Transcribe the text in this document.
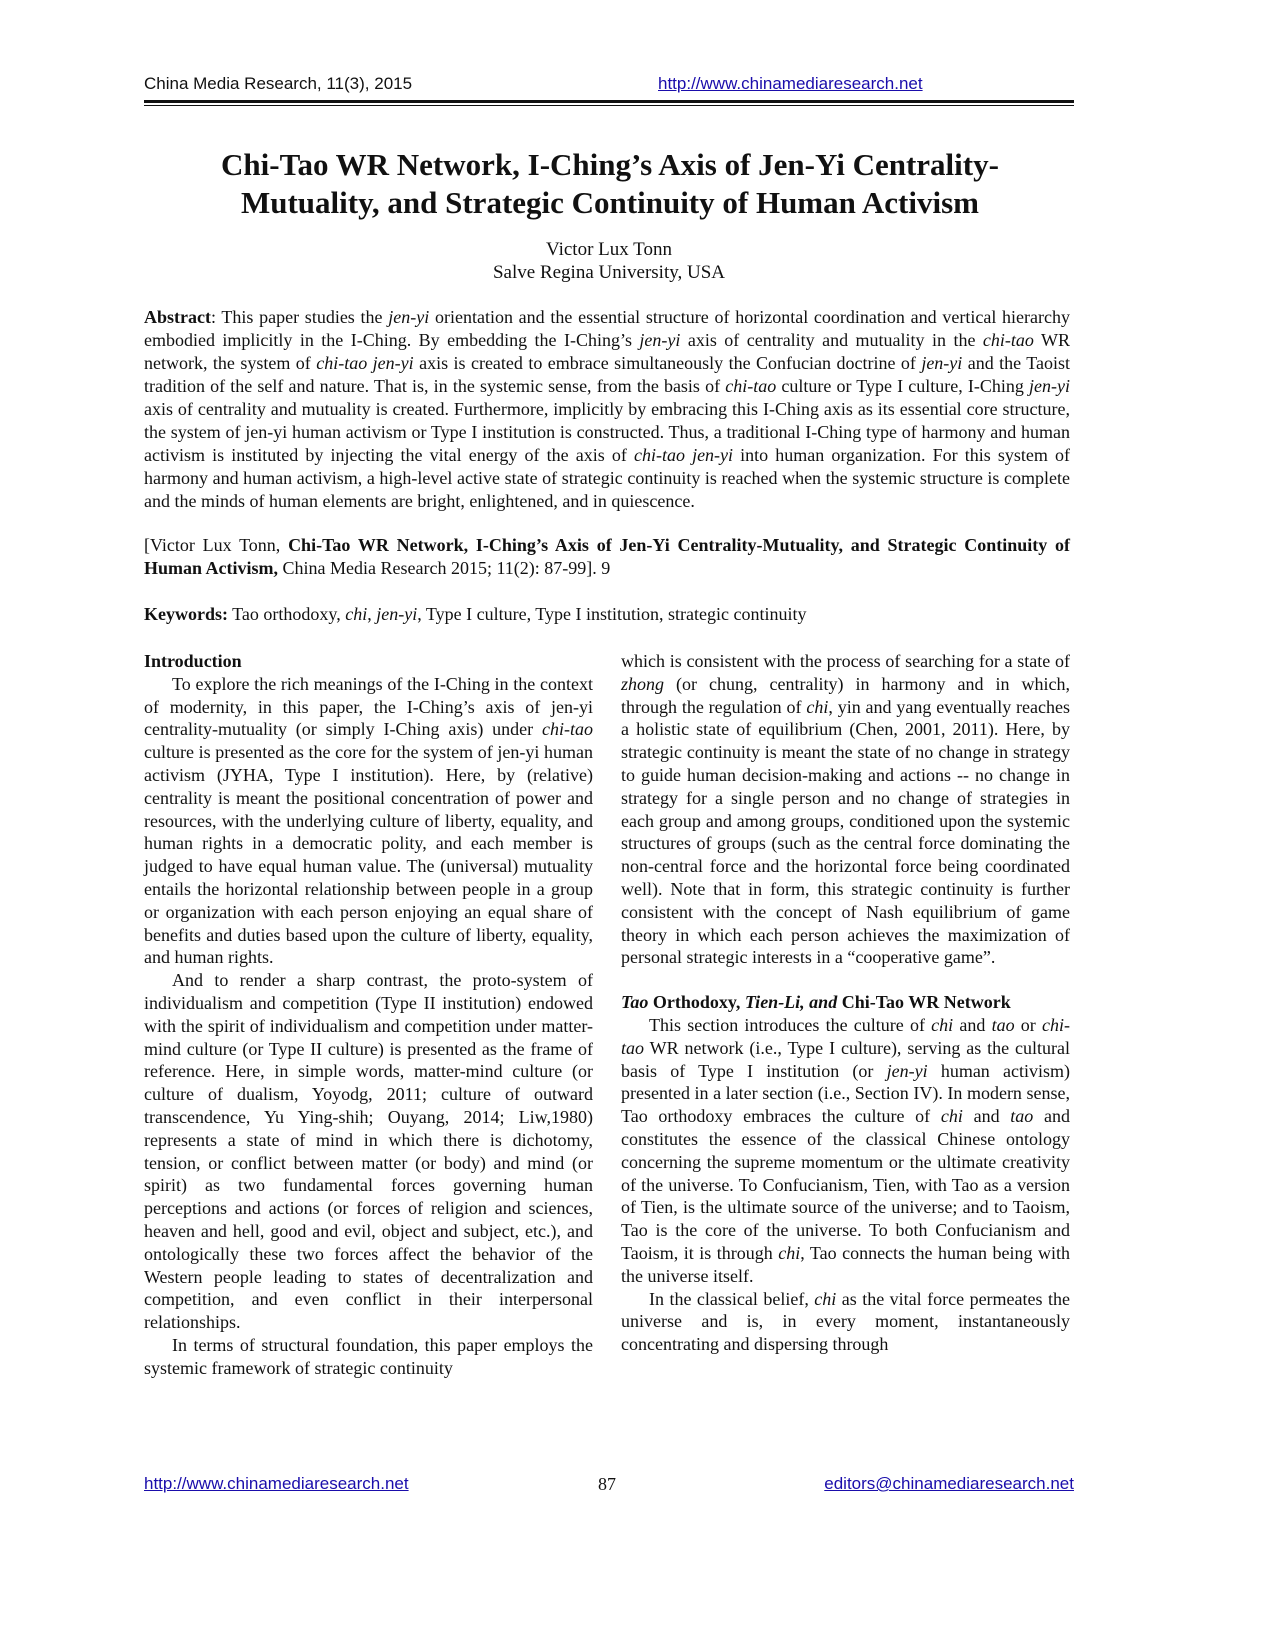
China Media Research, 11(3), 2015	http://www.chinamediaresearch.net
Chi-Tao WR Network, I-Ching’s Axis of Jen-Yi Centrality-
Mutuality, and Strategic Continuity of Human Activism
Victor Lux Tonn
Salve Regina University, USA
Abstract: This paper studies the jen-yi orientation and the essential structure of horizontal coordination and vertical hierarchy embodied implicitly in the I-Ching. By embedding the I-Ching’s jen-yi axis of centrality and mutuality in the chi-tao WR network, the system of chi-tao jen-yi axis is created to embrace simultaneously the Confucian doctrine of jen-yi and the Taoist tradition of the self and nature. That is, in the systemic sense, from the basis of chi-tao culture or Type I culture, I-Ching jen-yi axis of centrality and mutuality is created. Furthermore, implicitly by embracing this I-Ching axis as its essential core structure, the system of jen-yi human activism or Type I institution is constructed. Thus, a traditional I-Ching type of harmony and human activism is instituted by injecting the vital energy of the axis of chi-tao jen-yi into human organization. For this system of harmony and human activism, a high-level active state of strategic continuity is reached when the systemic structure is complete and the minds of human elements are bright, enlightened, and in quiescence.
[Victor Lux Tonn, Chi-Tao WR Network, I-Ching’s Axis of Jen-Yi Centrality-Mutuality, and Strategic Continuity of Human Activism, China Media Research 2015; 11(2): 87-99]. 9
Keywords: Tao orthodoxy, chi, jen-yi, Type I culture, Type I institution, strategic continuity

Introduction

To explore the rich meanings of the I-Ching in the context of modernity, in this paper, the I-Ching’s axis of jen-yi centrality-mutuality (or simply I-Ching axis) under chi-tao culture is presented as the core for the system of jen-yi human activism (JYHA, Type I institution). Here, by (relative) centrality is meant the positional concentration of power and resources, with the underlying culture of liberty, equality, and human rights in a democratic polity, and each member is judged to have equal human value. The (universal) mutuality entails the horizontal relationship between people in a group or organization with each person enjoying an equal share of benefits and duties based upon the culture of liberty, equality, and human rights.

And to render a sharp contrast, the proto-system of individualism and competition (Type II institution) endowed with the spirit of individualism and competition under matter-mind culture (or Type II culture) is presented as the frame of reference. Here, in simple words, matter-mind culture (or culture of dualism, Yoyodg, 2011; culture of outward transcendence, Yu Ying-shih; Ouyang, 2014; Liw,1980) represents a state of mind in which there is dichotomy, tension, or conflict between matter (or body) and mind (or spirit) as two fundamental forces governing human perceptions and actions (or forces of religion and sciences, heaven and hell, good and evil, object and subject, etc.), and ontologically these two forces affect the behavior of the Western people leading to states of decentralization and competition, and even conflict in their interpersonal relationships.

In terms of structural foundation, this paper employs the systemic framework of strategic continuity

which is consistent with the process of searching for a state of zhong (or chung, centrality) in harmony and in which, through the regulation of chi, yin and yang eventually reaches a holistic state of equilibrium (Chen, 2001, 2011). Here, by strategic continuity is meant the state of no change in strategy to guide human decision-making and actions -- no change in strategy for a single person and no change of strategies in each group and among groups, conditioned upon the systemic structures of groups (such as the central force dominating the non-central force and the horizontal force being coordinated well). Note that in form, this strategic continuity is further consistent with the concept of Nash equilibrium of game theory in which each person achieves the maximization of personal strategic interests in a “cooperative game”.

Tao Orthodoxy, Tien-Li, and Chi-Tao WR Network

This section introduces the culture of chi and tao or chi-tao WR network (i.e., Type I culture), serving as the cultural basis of Type I institution (or jen-yi human activism) presented in a later section (i.e., Section IV). In modern sense, Tao orthodoxy embraces the culture of chi and tao and constitutes the essence of the classical Chinese ontology concerning the supreme momentum or the ultimate creativity of the universe. To Confucianism, Tien, with Tao as a version of Tien, is the ultimate source of the universe; and to Taoism, Tao is the core of the universe. To both Confucianism and Taoism, it is through chi, Tao connects the human being with the universe itself.

In the classical belief, chi as the vital force permeates the universe and is, in every moment, instantaneously concentrating and dispersing through

http://www.chinamediaresearch.net	87	editors@chinamediaresearch.net
